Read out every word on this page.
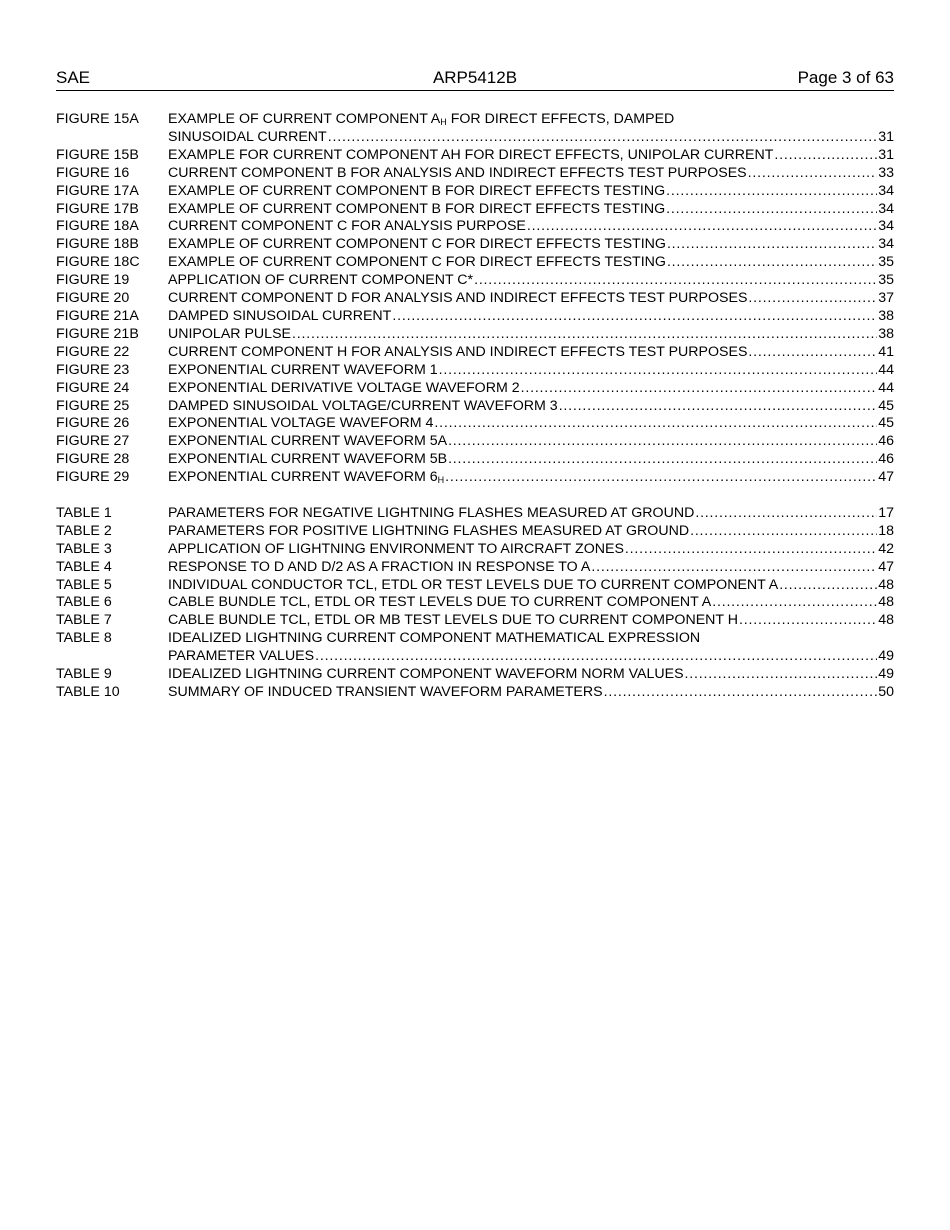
SAE	ARP5412B	Page 3 of 63
FIGURE 15A	EXAMPLE OF CURRENT COMPONENT $A_H$ FOR DIRECT EFFECTS, DAMPED
SINUSOIDAL CURRENT .....	31
FIGURE 15B	EXAMPLE FOR CURRENT COMPONENT AH FOR DIRECT EFFECTS, UNIPOLAR CURRENT .....	31
FIGURE 16	CURRENT COMPONENT B FOR ANALYSIS AND INDIRECT EFFECTS TEST PURPOSES .....	33
FIGURE 17A	EXAMPLE OF CURRENT COMPONENT B FOR DIRECT EFFECTS TESTING .....	34
FIGURE 17B	EXAMPLE OF CURRENT COMPONENT B FOR DIRECT EFFECTS TESTING .....	34
FIGURE 18A	CURRENT COMPONENT C FOR ANALYSIS PURPOSE .....	34
FIGURE 18B	EXAMPLE OF CURRENT COMPONENT C FOR DIRECT EFFECTS TESTING .....	34
FIGURE 18C	EXAMPLE OF CURRENT COMPONENT C FOR DIRECT EFFECTS TESTING .....	35
FIGURE 19	APPLICATION OF CURRENT COMPONENT C* .....	35
FIGURE 20	CURRENT COMPONENT D FOR ANALYSIS AND INDIRECT EFFECTS TEST PURPOSES .....	37
FIGURE 21A	DAMPED SINUSOIDAL CURRENT .....	38
FIGURE 21B	UNIPOLAR PULSE .....	38
FIGURE 22	CURRENT COMPONENT H FOR ANALYSIS AND INDIRECT EFFECTS TEST PURPOSES .....	41
FIGURE 23	EXPONENTIAL CURRENT WAVEFORM 1 .....	44
FIGURE 24	EXPONENTIAL DERIVATIVE VOLTAGE WAVEFORM 2 .....	44
FIGURE 25	DAMPED SINUSOIDAL VOLTAGE/CURRENT WAVEFORM 3 .....	45
FIGURE 26	EXPONENTIAL VOLTAGE WAVEFORM 4 .....	45
FIGURE 27	EXPONENTIAL CURRENT WAVEFORM 5A .....	46
FIGURE 28	EXPONENTIAL CURRENT WAVEFORM 5B .....	46
FIGURE 29	EXPONENTIAL CURRENT WAVEFORM $6_H$ .....	47
TABLE 1	PARAMETERS FOR NEGATIVE LIGHTNING FLASHES MEASURED AT GROUND .....	17
TABLE 2	PARAMETERS FOR POSITIVE LIGHTNING FLASHES MEASURED AT GROUND .....	18
TABLE 3	APPLICATION OF LIGHTNING ENVIRONMENT TO AIRCRAFT ZONES .....	42
TABLE 4	RESPONSE TO D AND D/2 AS A FRACTION IN RESPONSE TO A .....	47
TABLE 5	INDIVIDUAL CONDUCTOR TCL, ETDL OR TEST LEVELS DUE TO CURRENT COMPONENT A .....	48
TABLE 6	CABLE BUNDLE TCL, ETDL OR TEST LEVELS DUE TO CURRENT COMPONENT A .....	48
TABLE 7	CABLE BUNDLE TCL, ETDL OR MB TEST LEVELS DUE TO CURRENT COMPONENT H .....	48
TABLE 8	IDEALIZED LIGHTNING CURRENT COMPONENT MATHEMATICAL EXPRESSION
PARAMETER VALUES .....	49
TABLE 9	IDEALIZED LIGHTNING CURRENT COMPONENT WAVEFORM NORM VALUES .....	49
TABLE 10	SUMMARY OF INDUCED TRANSIENT WAVEFORM PARAMETERS .....	50
